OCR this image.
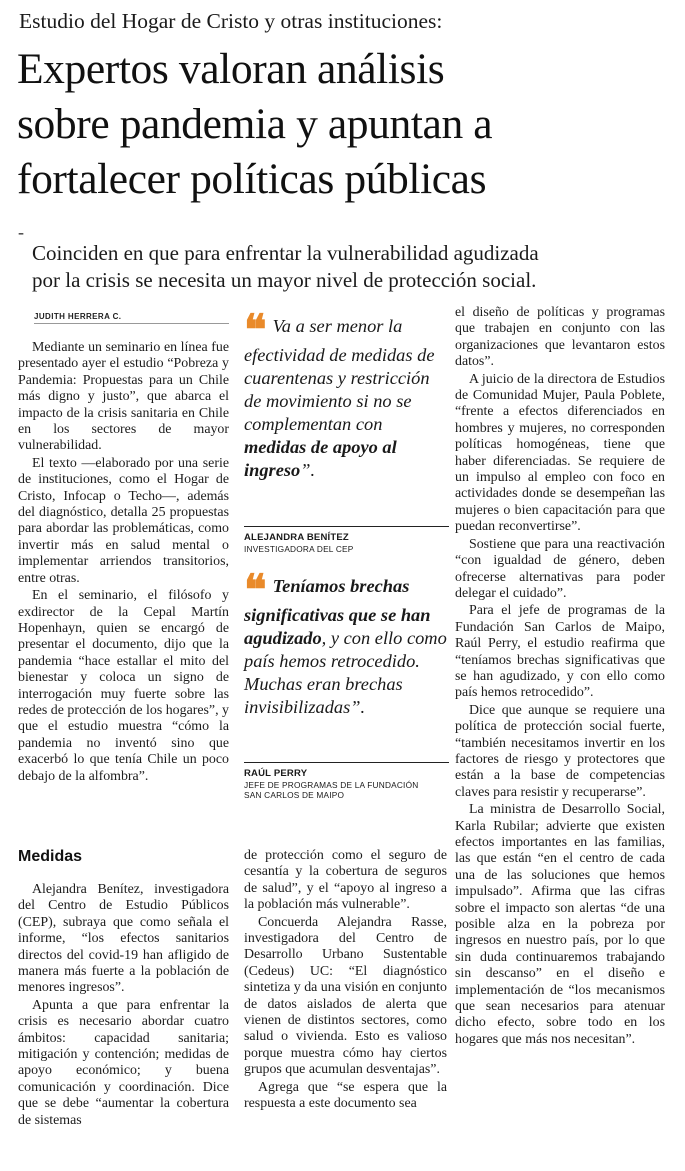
Estudio del Hogar de Cristo y otras instituciones:
Expertos valoran análisis
sobre pandemia y apuntan a
fortalecer políticas públicas
-
Coinciden en que para enfrentar la vulnerabilidad agudizada
por la crisis se necesita un mayor nivel de protección social.
JUDITH HERRERA C.

Mediante un seminario en línea fue presentado ayer el estudio “Pobreza y Pandemia: Propuestas para un Chile más digno y justo”, que abarca el impacto de la crisis sanitaria en Chile en los sectores de mayor vulnerabilidad.

El texto —elaborado por una serie de instituciones, como el Hogar de Cristo, Infocap o Techo—, además del diagnóstico, detalla 25 propuestas para abordar las problemáticas, como invertir más en salud mental o implementar arriendos transitorios, entre otras.

En el seminario, el filósofo y exdirector de la Cepal Martín Hopenhayn, quien se encargó de presentar el documento, dijo que la pandemia “hace estallar el mito del bienestar y coloca un signo de interrogación muy fuerte sobre las redes de protección de los hogares”, y que el estudio muestra “cómo la pandemia no inventó sino que exacerbó lo que tenía Chile un poco debajo de la alfombra”.

Medidas

Alejandra Benítez, investigadora del Centro de Estudio Públicos (CEP), subraya que como señala el informe, “los efectos sanitarios directos del covid-19 han afligido de manera más fuerte a la población de menores ingresos”.

Apunta a que para enfrentar la crisis es necesario abordar cuatro ámbitos: capacidad sanitaria; mitigación y contención; medidas de apoyo económico; y buena comunicación y coordinación. Dice que se debe “aumentar la cobertura de sistemas

❝ Va a ser menor la efectividad de medidas de cuarentenas y restricción de movimiento si no se complementan con medidas de apoyo al ingreso”.
ALEJANDRA BENÍTEZ
INVESTIGADORA DEL CEP
❝ Teníamos brechas significativas que se han agudizado, y con ello como país hemos retrocedido. Muchas eran brechas invisibilizadas”.
RAÚL PERRY
JEFE DE PROGRAMAS DE LA FUNDACIÓN
SAN CARLOS DE MAIPO

de protección como el seguro de cesantía y la cobertura de seguros de salud”, y el “apoyo al ingreso a la población más vulnerable”.

Concuerda Alejandra Rasse, investigadora del Centro de Desarrollo Urbano Sustentable (Cedeus) UC: “El diagnóstico sintetiza y da una visión en conjunto de datos aislados de alerta que vienen de distintos sectores, como salud o vivienda. Esto es valioso porque muestra cómo hay ciertos grupos que acumulan desventajas”.

Agrega que “se espera que la respuesta a este documento sea

el diseño de políticas y programas que trabajen en conjunto con las organizaciones que levantaron estos datos”.

A juicio de la directora de Estudios de Comunidad Mujer, Paula Poblete, “frente a efectos diferenciados en hombres y mujeres, no corresponden políticas homogéneas, tiene que haber diferenciadas. Se requiere de un impulso al empleo con foco en actividades donde se desempeñan las mujeres o bien capacitación para que puedan reconvertirse”.

Sostiene que para una reactivación “con igualdad de género, deben ofrecerse alternativas para poder delegar el cuidado”.

Para el jefe de programas de la Fundación San Carlos de Maipo, Raúl Perry, el estudio reafirma que “teníamos brechas significativas que se han agudizado, y con ello como país hemos retrocedido”.

Dice que aunque se requiere una política de protección social fuerte, “también necesitamos invertir en los factores de riesgo y protectores que están a la base de competencias claves para resistir y recuperarse”.

La ministra de Desarrollo Social, Karla Rubilar; advierte que existen efectos importantes en las familias, las que están “en el centro de cada una de las soluciones que hemos impulsado”. Afirma que las cifras sobre el impacto son alertas “de una posible alza en la pobreza por ingresos en nuestro país, por lo que sin duda continuaremos trabajando sin descanso” en el diseño e implementación de “los mecanismos que sean necesarios para atenuar dicho efecto, sobre todo en los hogares que más nos necesitan”.
